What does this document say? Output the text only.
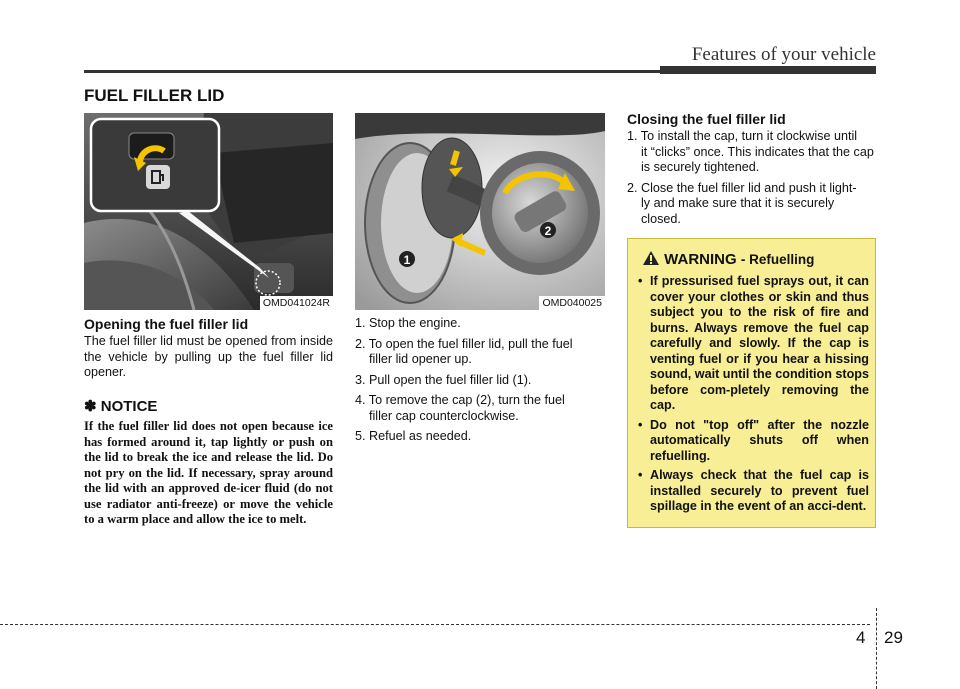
Features of your vehicle
FUEL FILLER LID
OMD041024R
1
2
OMD040025
Opening the fuel filler lid
The fuel filler lid must be opened from inside the vehicle by pulling up the fuel filler lid opener.
✽ NOTICE
If the fuel filler lid does not open because ice has formed around it, tap lightly or push on the lid to break the ice and release the lid. Do not pry on the lid. If necessary, spray around the lid with an approved de-icer fluid (do not use radiator anti-freeze) or move the vehicle to a warm place and allow the ice to melt.
1. Stop the engine.
2. To open the fuel filler lid, pull the fuel
filler lid opener up.
3. Pull open the fuel filler lid (1).
4. To remove the cap (2), turn the fuel
filler cap counterclockwise.
5. Refuel as needed.
Closing the fuel filler lid
1. To install the cap, turn it clockwise until
it “clicks” once. This indicates that the cap is securely tightened.
2. Close the fuel filler lid and push it light-
ly and make sure that it is securely closed.
WARNING - Refuelling
• If pressurised fuel sprays out, it can cover your clothes or skin and thus subject you to the risk of fire and burns. Always remove the fuel cap carefully and slowly. If the cap is venting fuel or if you hear a hissing sound, wait until the condition stops before com-pletely removing the cap.
• Do not "top off" after the nozzle automatically shuts off when refuelling.
• Always check that the fuel cap is installed securely to prevent fuel spillage in the event of an acci-dent.
4 29
